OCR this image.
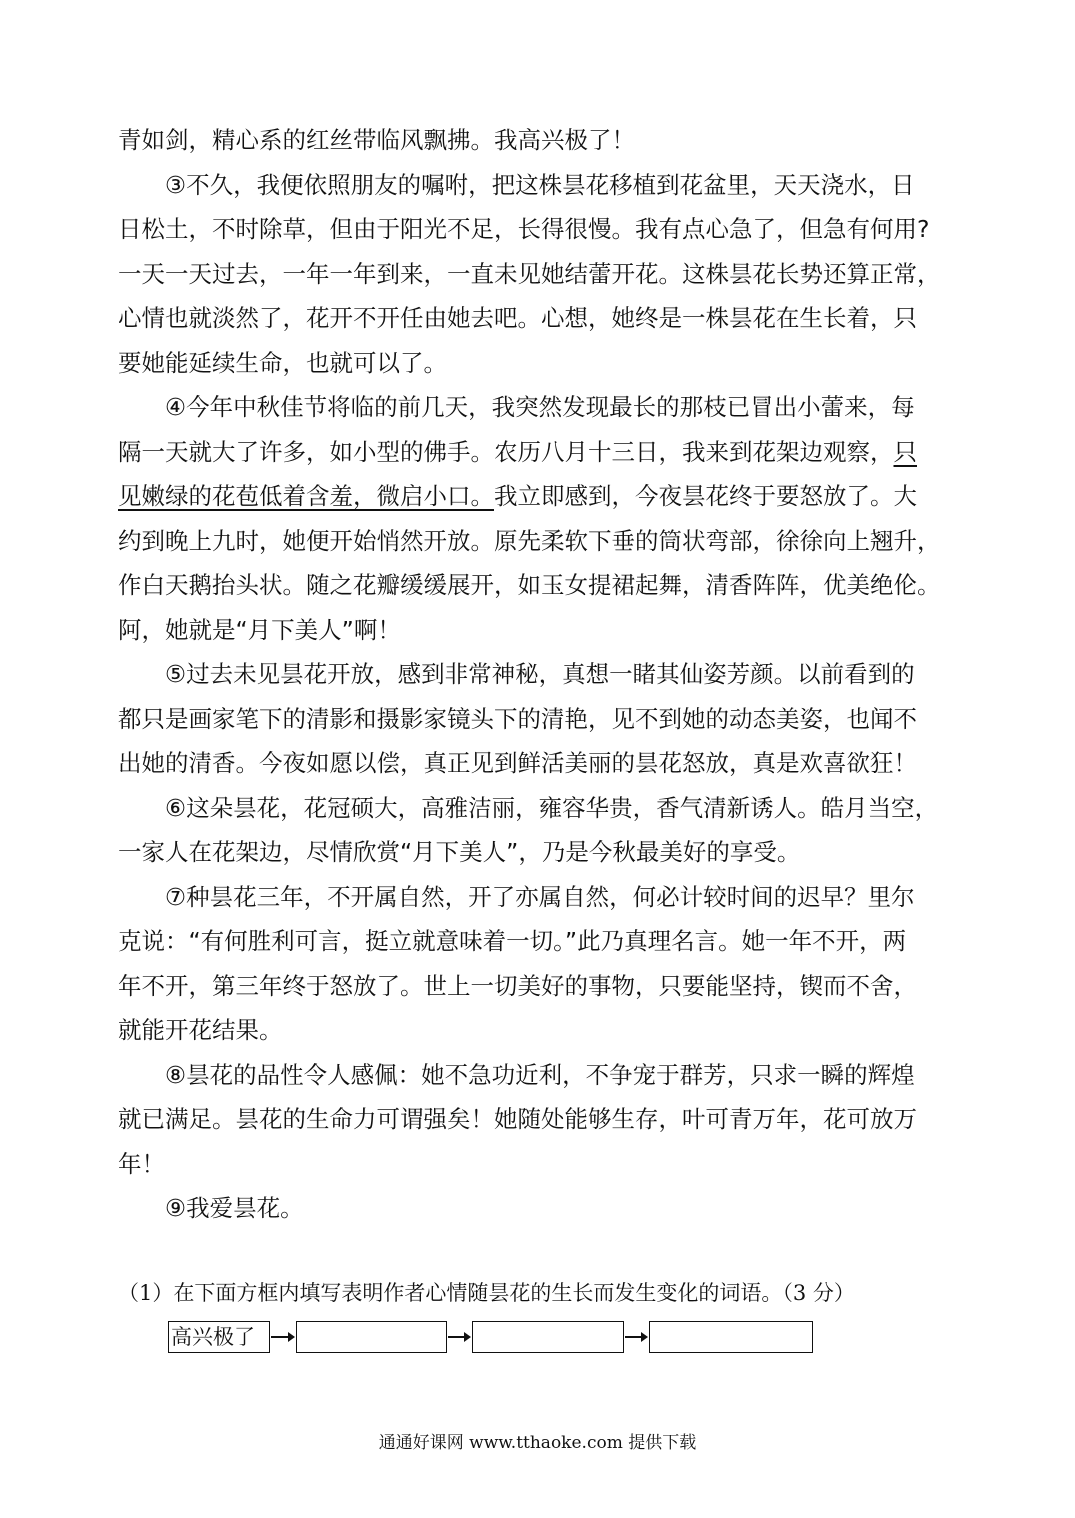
青如剑，精心系的红丝带临风飘拂。我高兴极了！
③不久，我便依照朋友的嘱咐，把这株昙花移植到花盆里，天天浇水，日
日松土，不时除草，但由于阳光不足，长得很慢。我有点心急了，但急有何用?
一天一天过去，一年一年到来，一直未见她结蕾开花。这株昙花长势还算正常，
心情也就淡然了，花开不开任由她去吧。心想，她终是一株昙花在生长着，只
要她能延续生命，也就可以了。
④今年中秋佳节将临的前几天，我突然发现最长的那枝已冒出小蕾来，每
隔一天就大了许多，如小型的佛手。农历八月十三日，我来到花架边观察，只
见嫩绿的花苞低着含羞，微启小口。我立即感到，今夜昙花终于要怒放了。大
约到晚上九时，她便开始悄然开放。原先柔软下垂的筒状弯部，徐徐向上翘升，
作白天鹅抬头状。随之花瓣缓缓展开，如玉女提裙起舞，清香阵阵，优美绝伦。
阿，她就是“月下美人”啊！
⑤过去未见昙花开放，感到非常神秘，真想一睹其仙姿芳颜。以前看到的
都只是画家笔下的清影和摄影家镜头下的清艳，见不到她的动态美姿，也闻不
出她的清香。今夜如愿以偿，真正见到鲜活美丽的昙花怒放，真是欢喜欲狂！
⑥这朵昙花，花冠硕大，高雅洁丽，雍容华贵，香气清新诱人。皓月当空，
一家人在花架边，尽情欣赏“月下美人”，乃是今秋最美好的享受。
⑦种昙花三年，不开属自然，开了亦属自然，何必计较时间的迟早？里尔
克说：“有何胜利可言，挺立就意味着一切。”此乃真理名言。她一年不开，两
年不开，第三年终于怒放了。世上一切美好的事物，只要能坚持，锲而不舍，
就能开花结果。
⑧昙花的品性令人感佩：她不急功近利，不争宠于群芳，只求一瞬的辉煌
就已满足。昙花的生命力可谓强矣！她随处能够生存，叶可青万年，花可放万
年！
⑨我爱昙花。
（1）在下面方框内填写表明作者心情随昙花的生长而发生变化的词语。（3 分）
高兴极了
通通好课网 www.tthaoke.com 提供下载
